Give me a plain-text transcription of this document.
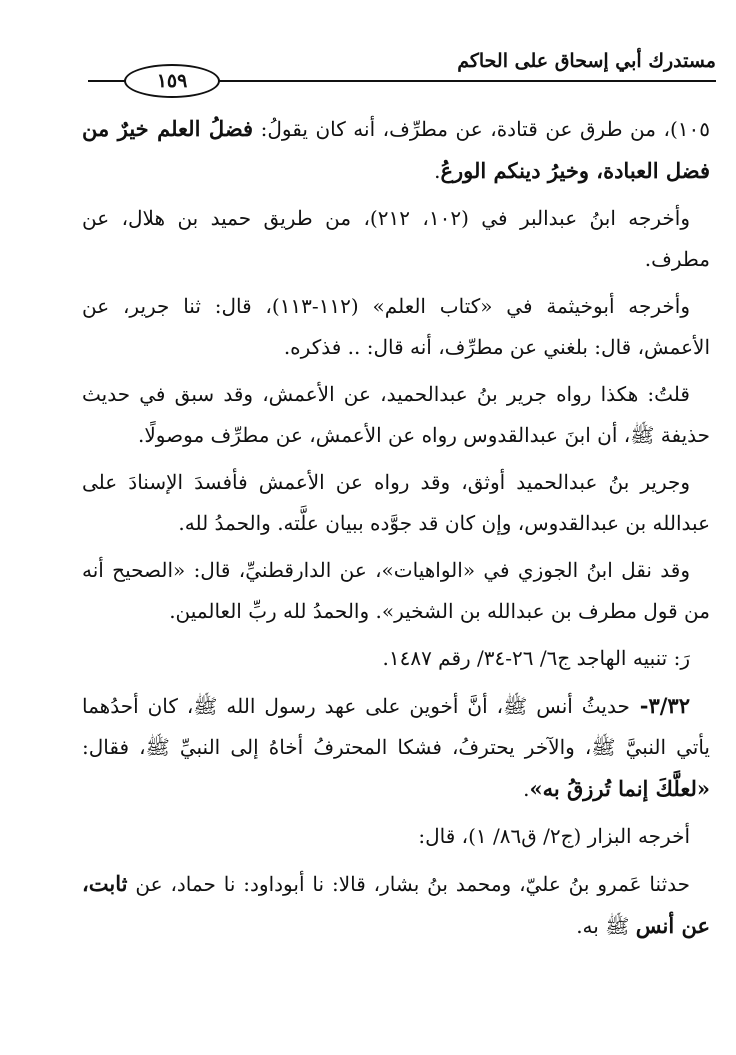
مستدرك أبي إسحاق على الحاكم
١٥٩

١٠٥)، من طرق عن قتادة، عن مطرِّف، أنه كان يقولُ: فضلُ العلم خيرٌ من فضل العبادة، وخيرُ دينكم الورعُ.

وأخرجه ابنُ عبدالبر في (١٠٢، ٢١٢)، من طريق حميد بن هلال، عن مطرف.

وأخرجه أبوخيثمة في «كتاب العلم» (١١٢-١١٣)، قال: ثنا جرير، عن الأعمش، قال: بلغني عن مطرِّف، أنه قال: .. فذكره.

قلتُ: هكذا رواه جرير بنُ عبدالحميد، عن الأعمش، وقد سبق في حديث حذيفة ﷺ، أن ابنَ عبدالقدوس رواه عن الأعمش، عن مطرِّف موصولًا.

وجرير بنُ عبدالحميد أوثق، وقد رواه عن الأعمش فأفسدَ الإسنادَ على عبدالله بن عبدالقدوس، وإن كان قد جوَّده ببيان علَّته. والحمدُ لله.

وقد نقل ابنُ الجوزي في «الواهيات»، عن الدارقطنيِّ، قال: «الصحيح أنه من قول مطرف بن عبدالله بن الشخير». والحمدُ لله ربِّ العالمين.

رَ: تنبيه الهاجد ج٦/ ٢٦-٣٤/ رقم ١٤٨٧.

٣/٣٢- حديثُ أنس ﷺ، أنَّ أخوين على عهد رسول الله ﷺ، كان أحدُهما يأتي النبيَّ ﷺ، والآخر يحترفُ، فشكا المحترفُ أخاهُ إلى النبيِّ ﷺ، فقال: «لعلَّكَ إنما تُرزقُ به».

أخرجه البزار (ج٢/ ق٨٦/ ١)، قال:

حدثنا عَمرو بنُ عليّ، ومحمد بنُ بشار، قالا: نا أبوداود: نا حماد، عن ثابت، عن أنس ﷺ به.
